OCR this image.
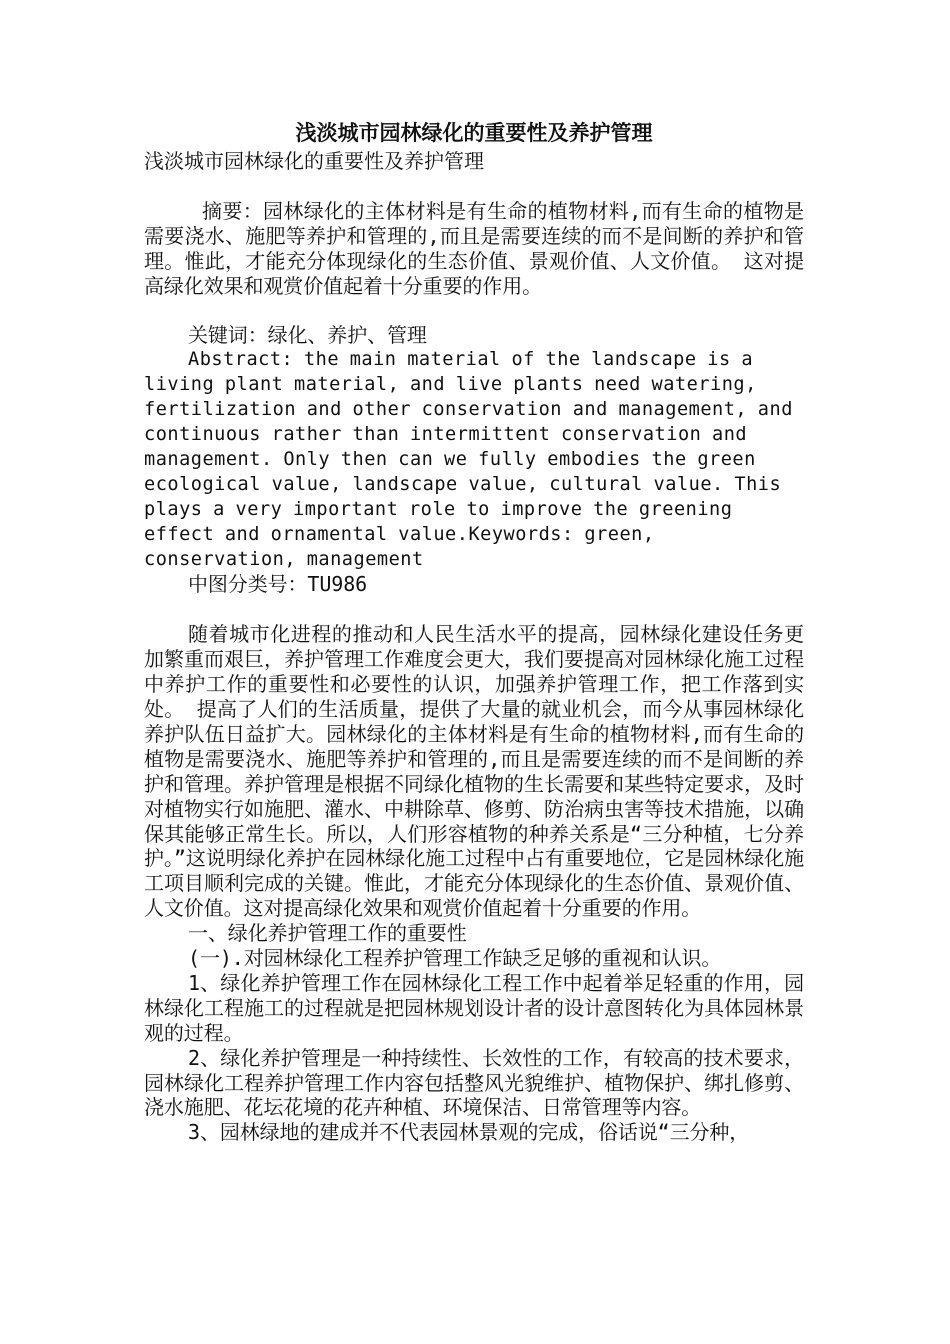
浅淡城市园林绿化的重要性及养护管理
浅淡城市园林绿化的重要性及养护管理

摘要：园林绿化的主体材料是有生命的植物材料,而有生命的植物是需要浇水、施肥等养护和管理的,而且是需要连续的而不是间断的养护和管理。惟此，才能充分体现绿化的生态价值、景观价值、人文价值。 这对提高绿化效果和观赏价值起着十分重要的作用。

关键词：绿化、养护、管理

Abstract: the main material of the landscape is a living plant material, and live plants need watering, fertilization and other conservation and management, and continuous rather than intermittent conservation and management. Only then can we fully embodies the green ecological value, landscape value, cultural value. This plays a very important role to improve the greening effect and ornamental value.Keywords: green, conservation, management

中图分类号：TU986

随着城市化进程的推动和人民生活水平的提高，园林绿化建设任务更加繁重而艰巨，养护管理工作难度会更大，我们要提高对园林绿化施工过程中养护工作的重要性和必要性的认识，加强养护管理工作，把工作落到实处。 提高了人们的生活质量，提供了大量的就业机会，而今从事园林绿化养护队伍日益扩大。园林绿化的主体材料是有生命的植物材料,而有生命的植物是需要浇水、施肥等养护和管理的,而且是需要连续的而不是间断的养护和管理。养护管理是根据不同绿化植物的生长需要和某些特定要求，及时对植物实行如施肥、灌水、中耕除草、修剪、防治病虫害等技术措施，以确保其能够正常生长。所以，人们形容植物的种养关系是“三分种植，七分养护。”这说明绿化养护在园林绿化施工过程中占有重要地位，它是园林绿化施工项目顺利完成的关键。惟此，才能充分体现绿化的生态价值、景观价值、人文价值。这对提高绿化效果和观赏价值起着十分重要的作用。

一、绿化养护管理工作的重要性

(一).对园林绿化工程养护管理工作缺乏足够的重视和认识。

1、绿化养护管理工作在园林绿化工程工作中起着举足轻重的作用，园林绿化工程施工的过程就是把园林规划设计者的设计意图转化为具体园林景观的过程。

2、绿化养护管理是一种持续性、长效性的工作，有较高的技术要求，园林绿化工程养护管理工作内容包括整风光貌维护、植物保护、绑扎修剪、浇水施肥、花坛花境的花卉种植、环境保洁、日常管理等内容。

3、园林绿地的建成并不代表园林景观的完成，俗话说“三分种，
